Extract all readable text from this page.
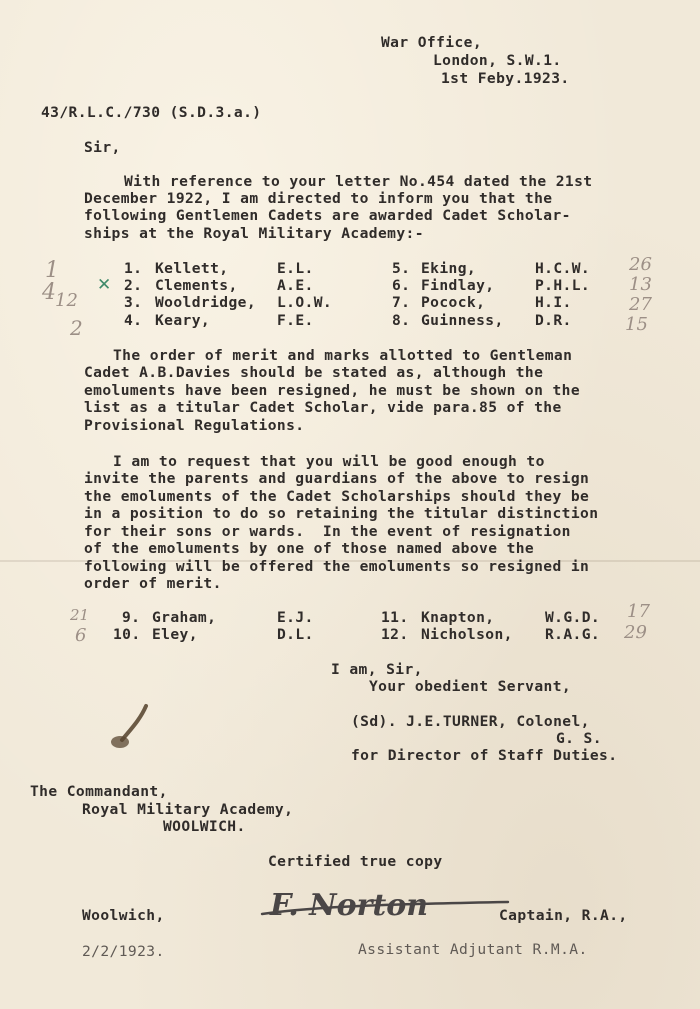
War Office,
London, S.W.1.
1st Feby.1923.
43/R.L.C./730 (S.D.3.a.)
Sir,
With reference to your letter No.454 dated the 21st
December 1922, I am directed to inform you that the
following Gentlemen Cadets are awarded Cadet Scholar-
ships at the Royal Military Academy:-
1. Kellett,	E.L.
2. Clements,	A.E.
3. Wooldridge, L.O.W.
4. Keary,	F.E.
5. Eking,	H.C.W.
6. Findlay,	P.H.L.
7. Pocock,	H.I.
8. Guinness, D.R.
The order of merit and marks allotted to Gentleman
Cadet A.B.Davies should be stated as, although the
emoluments have been resigned, he must be shown on the
list as a titular Cadet Scholar, vide para.85 of the
Provisional Regulations.
I am to request that you will be good enough to
invite the parents and guardians of the above to resign
the emoluments of the Cadet Scholarships should they be
in a position to do so retaining the titular distinction
for their sons or wards.  In the event of resignation
of the emoluments by one of those named above the
following will be offered the emoluments so resigned in
order of merit.
9. Graham,	E.J.
10. Eley,	D.L.
11. Knapton,	W.G.D.
12. Nicholson, R.A.G.
I am, Sir,
Your obedient Servant,
(Sd). J.E.TURNER, Colonel,
G. S.
for Director of Staff Duties.
The Commandant,
Royal Military Academy,
WOOLWICH.
Certified true copy
Woolwich,	Captain, R.A.,
2/2/1923.	Assistant Adjutant R.M.A.
F. Norton
26
13
27
15
17
29
21
6
1
4 12
2
✕
